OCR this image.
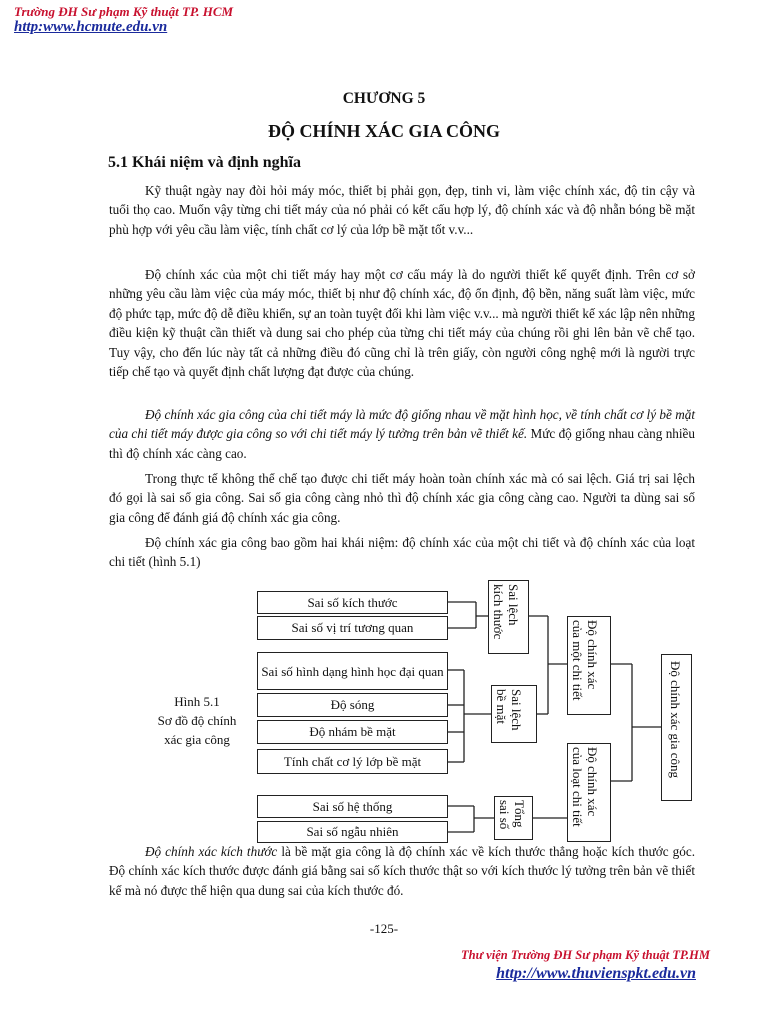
Trường ĐH Sư phạm Kỹ thuật TP. HCM
http:www.hcmute.edu.vn
CHƯƠNG 5
ĐỘ CHÍNH XÁC GIA CÔNG
5.1 Khái niệm và định nghĩa

Kỹ thuật ngày nay đòi hỏi máy móc, thiết bị phải gọn, đẹp, tinh vi, làm việc chính xác, độ tin cậy và tuổi thọ cao. Muốn vậy từng chi tiết máy của nó phải có kết cấu hợp lý, độ chính xác và độ nhẵn bóng bề mặt phù hợp với yêu cầu làm việc, tính chất cơ lý của lớp bề mặt tốt v.v...

Độ chính xác của một chi tiết máy hay một cơ cấu máy là do người thiết kế quyết định. Trên cơ sở những yêu cầu làm việc của máy móc, thiết bị như độ chính xác, độ ổn định, độ bền, năng suất làm việc, mức độ phức tạp, mức độ dễ điều khiển, sự an toàn tuyệt đối khi làm việc v.v... mà người thiết kế xác lập nên những điều kiện kỹ thuật cần thiết và dung sai cho phép của từng chi tiết máy của chúng rồi ghi lên bản vẽ chế tạo. Tuy vậy, cho đến lúc này tất cả những điều đó cũng chỉ là trên giấy, còn người công nghệ mới là người trực tiếp chế tạo và quyết định chất lượng đạt được của chúng.

Độ chính xác gia công của chi tiết máy là mức độ giống nhau về mặt hình học, về tính chất cơ lý bề mặt của chi tiết máy được gia công so với chi tiết máy lý tưởng trên bản vẽ thiết kế. Mức độ giống nhau càng nhiều thì độ chính xác càng cao.

Trong thực tế không thể chế tạo được chi tiết máy hoàn toàn chính xác mà có sai lệch. Giá trị sai lệch đó gọi là sai số gia công. Sai số gia công càng nhỏ thì độ chính xác gia công càng cao. Người ta dùng sai số gia công để đánh giá độ chính xác gia công.

Độ chính xác gia công bao gồm hai khái niệm: độ chính xác của một chi tiết và độ chính xác của loạt chi tiết (hình 5.1)

Sai số kích thước
Sai số vị trí tương quan
Sai số hình dạng hình học đại quan
Độ sóng
Độ nhám bề mặt
Tính chất cơ lý lớp bề mặt
Sai số hệ thống
Sai số ngẫu nhiên
Sai lệch
kích thước
Sai lệch
bề mặt
Tổng
sai số
Độ chính xác
của một chi tiết
Độ chính xác
của loạt chi tiết
Độ chính xác gia công
Hình 5.1
Sơ đồ độ chính
xác gia công

Độ chính xác kích thước là bề mặt gia công là độ chính xác về kích thước thẳng hoặc kích thước góc. Độ chính xác kích thước được đánh giá bằng sai số kích thước thật so với kích thước lý tưởng trên bản vẽ thiết kế mà nó được thể hiện qua dung sai của kích thước đó.

-125-
Thư viện Trường ĐH Sư phạm Kỹ thuật TP.HM
http://www.thuvienspkt.edu.vn
